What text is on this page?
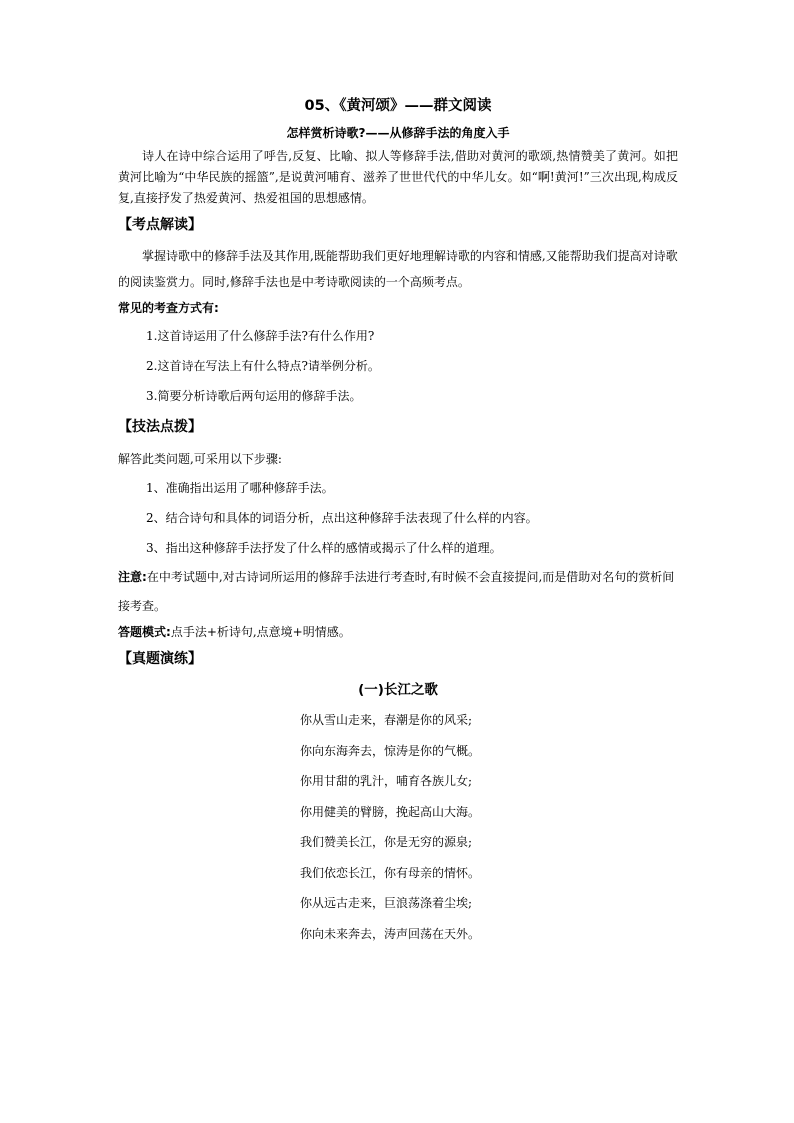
05、《黄河颂》——群文阅读
怎样赏析诗歌?——从修辞手法的角度入手

诗人在诗中综合运用了呼告,反复、比喻、拟人等修辞手法,借助对黄河的歌颂,热情赞美了黄河。如把黄河比喻为“中华民族的摇篮”,是说黄河哺育、滋养了世世代代的中华儿女。如“啊!黄河!”三次出现,构成反复,直接抒发了热爱黄河、热爱祖国的思想感情。

【考点解读】

掌握诗歌中的修辞手法及其作用,既能帮助我们更好地理解诗歌的内容和情感,又能帮助我们提高对诗歌的阅读鉴赏力。同时,修辞手法也是中考诗歌阅读的一个高频考点。

常见的考查方式有:

1.这首诗运用了什么修辞手法?有什么作用?

2.这首诗在写法上有什么特点?请举例分析。

3.简要分析诗歌后两句运用的修辞手法。

【技法点拨】

解答此类问题,可采用以下步骤:

1、准确指出运用了哪种修辞手法。

2、结合诗句和具体的词语分析，点出这种修辞手法表现了什么样的内容。

3、指出这种修辞手法抒发了什么样的感情或揭示了什么样的道理。

注意:在中考试题中,对古诗词所运用的修辞手法进行考查时,有时候不会直接提问,而是借助对名句的赏析间接考查。

答题模式:点手法+析诗句,点意境+明情感。

【真题演练】
(一)长江之歌

你从雪山走来，春潮是你的风采;

你向东海奔去，惊涛是你的气概。

你用甘甜的乳汁，哺育各族儿女;

你用健美的臂膀，挽起高山大海。

我们赞美长江，你是无穷的源泉;

我们依恋长江，你有母亲的情怀。

你从远古走来，巨浪荡涤着尘埃;

你向未来奔去，涛声回荡在天外。
